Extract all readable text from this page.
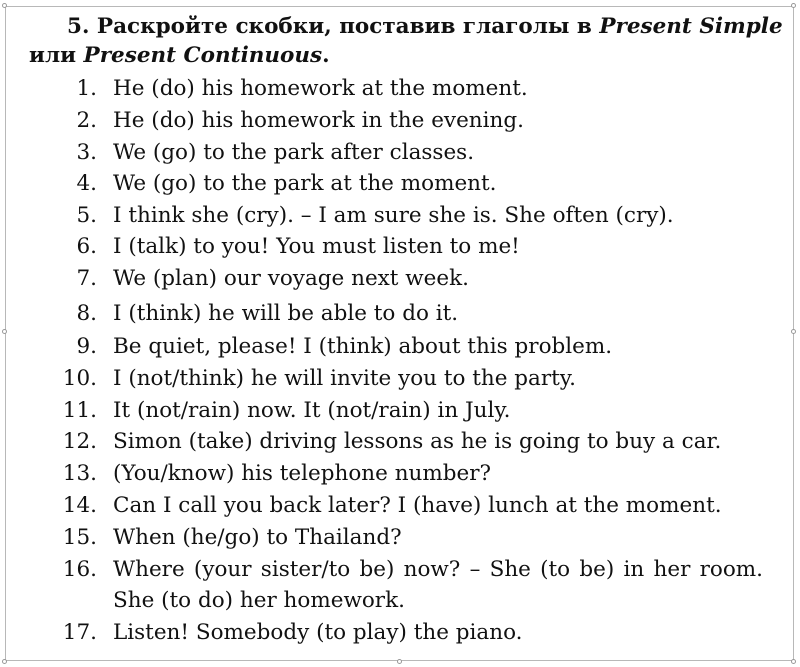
5. Раскройте скобки, поставив глаголы в Present Simple или Present Continuous.
1. He (do) his homework at the moment.
2. He (do) his homework in the evening.
3. We (go) to the park after classes.
4. We (go) to the park at the moment.
5. I think she (cry). – I am sure she is. She often (cry).
6. I (talk) to you! You must listen to me!
7. We (plan) our voyage next week.
8. I (think) he will be able to do it.
9. Be quiet, please! I (think) about this problem.
10. I (not/think) he will invite you to the party.
11. It (not/rain) now. It (not/rain) in July.
12. Simon (take) driving lessons as he is going to buy a car.
13. (You/know) his telephone number?
14. Can I call you back later? I (have) lunch at the moment.
15. When (he/go) to Thailand?
16. Where (your sister/to be) now? – She (to be) in her room. She (to do) her homework.
17. Listen! Somebody (to play) the piano.
